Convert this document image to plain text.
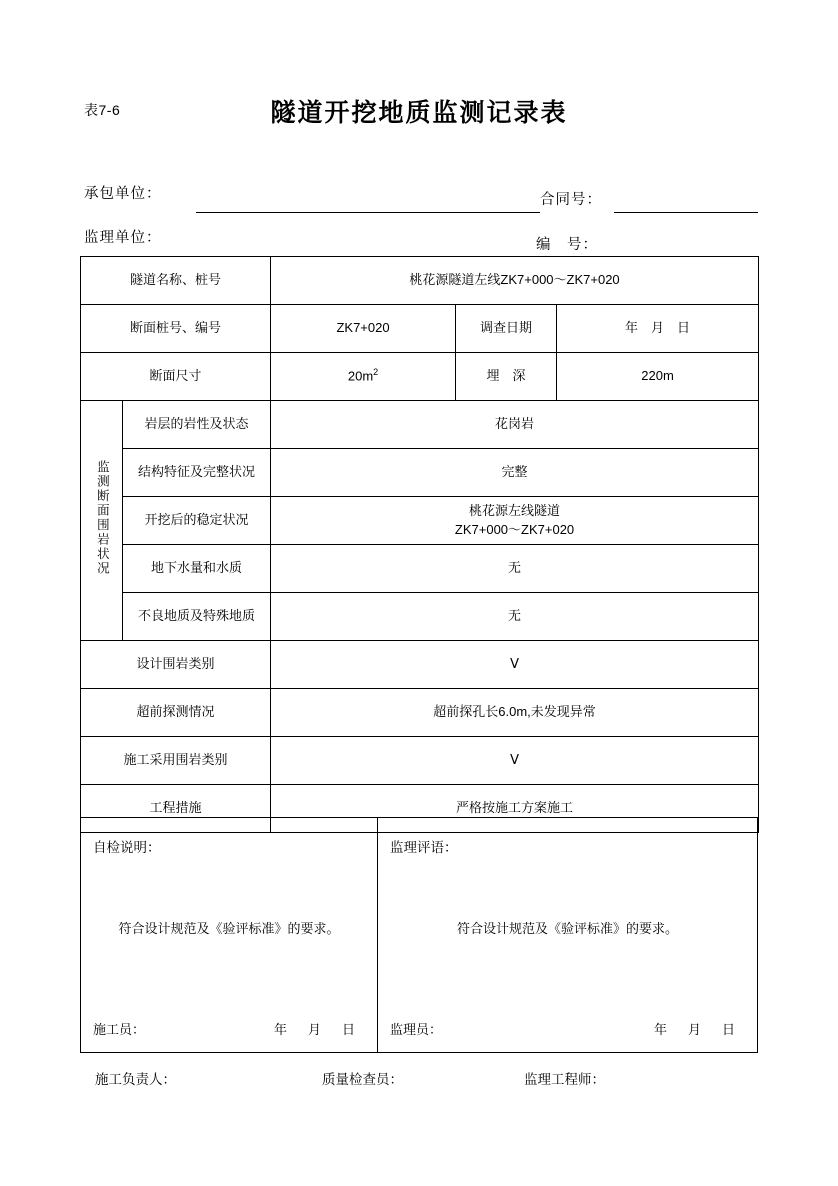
表7-6	隧道开挖地质监测记录表
承包单位：	合同号：
监理单位：	编　号：
隧道名称、桩号		桃花源隧道左线ZK7+000～ZK7+020		
断面桩号、编号		ZK7+020	调查日期	年　月　日
断面尺寸		$20m^2$	埋　深	220m
监测断面围岩状况	岩层的岩性及状态	花岗岩		
	结构特征及完整状况	完整		
	开挖后的稳定状况	桃花源左线隧道
ZK7+000～ZK7+020		

	地下水量和水质	无		
	不良地质及特殊地质	无		
设计围岩类别		Ⅴ		
超前探测情况		超前探孔长6.0m,未发现异常		
施工采用围岩类别		Ⅴ		
工程措施		严格按施工方案施工		
自检说明：
符合设计规范及《验评标准》的要求。
施工员：	年　月　日
监理评语：
符合设计规范及《验评标准》的要求。
监理员：	年　月　日
施工负责人：	质量检查员：	监理工程师：
